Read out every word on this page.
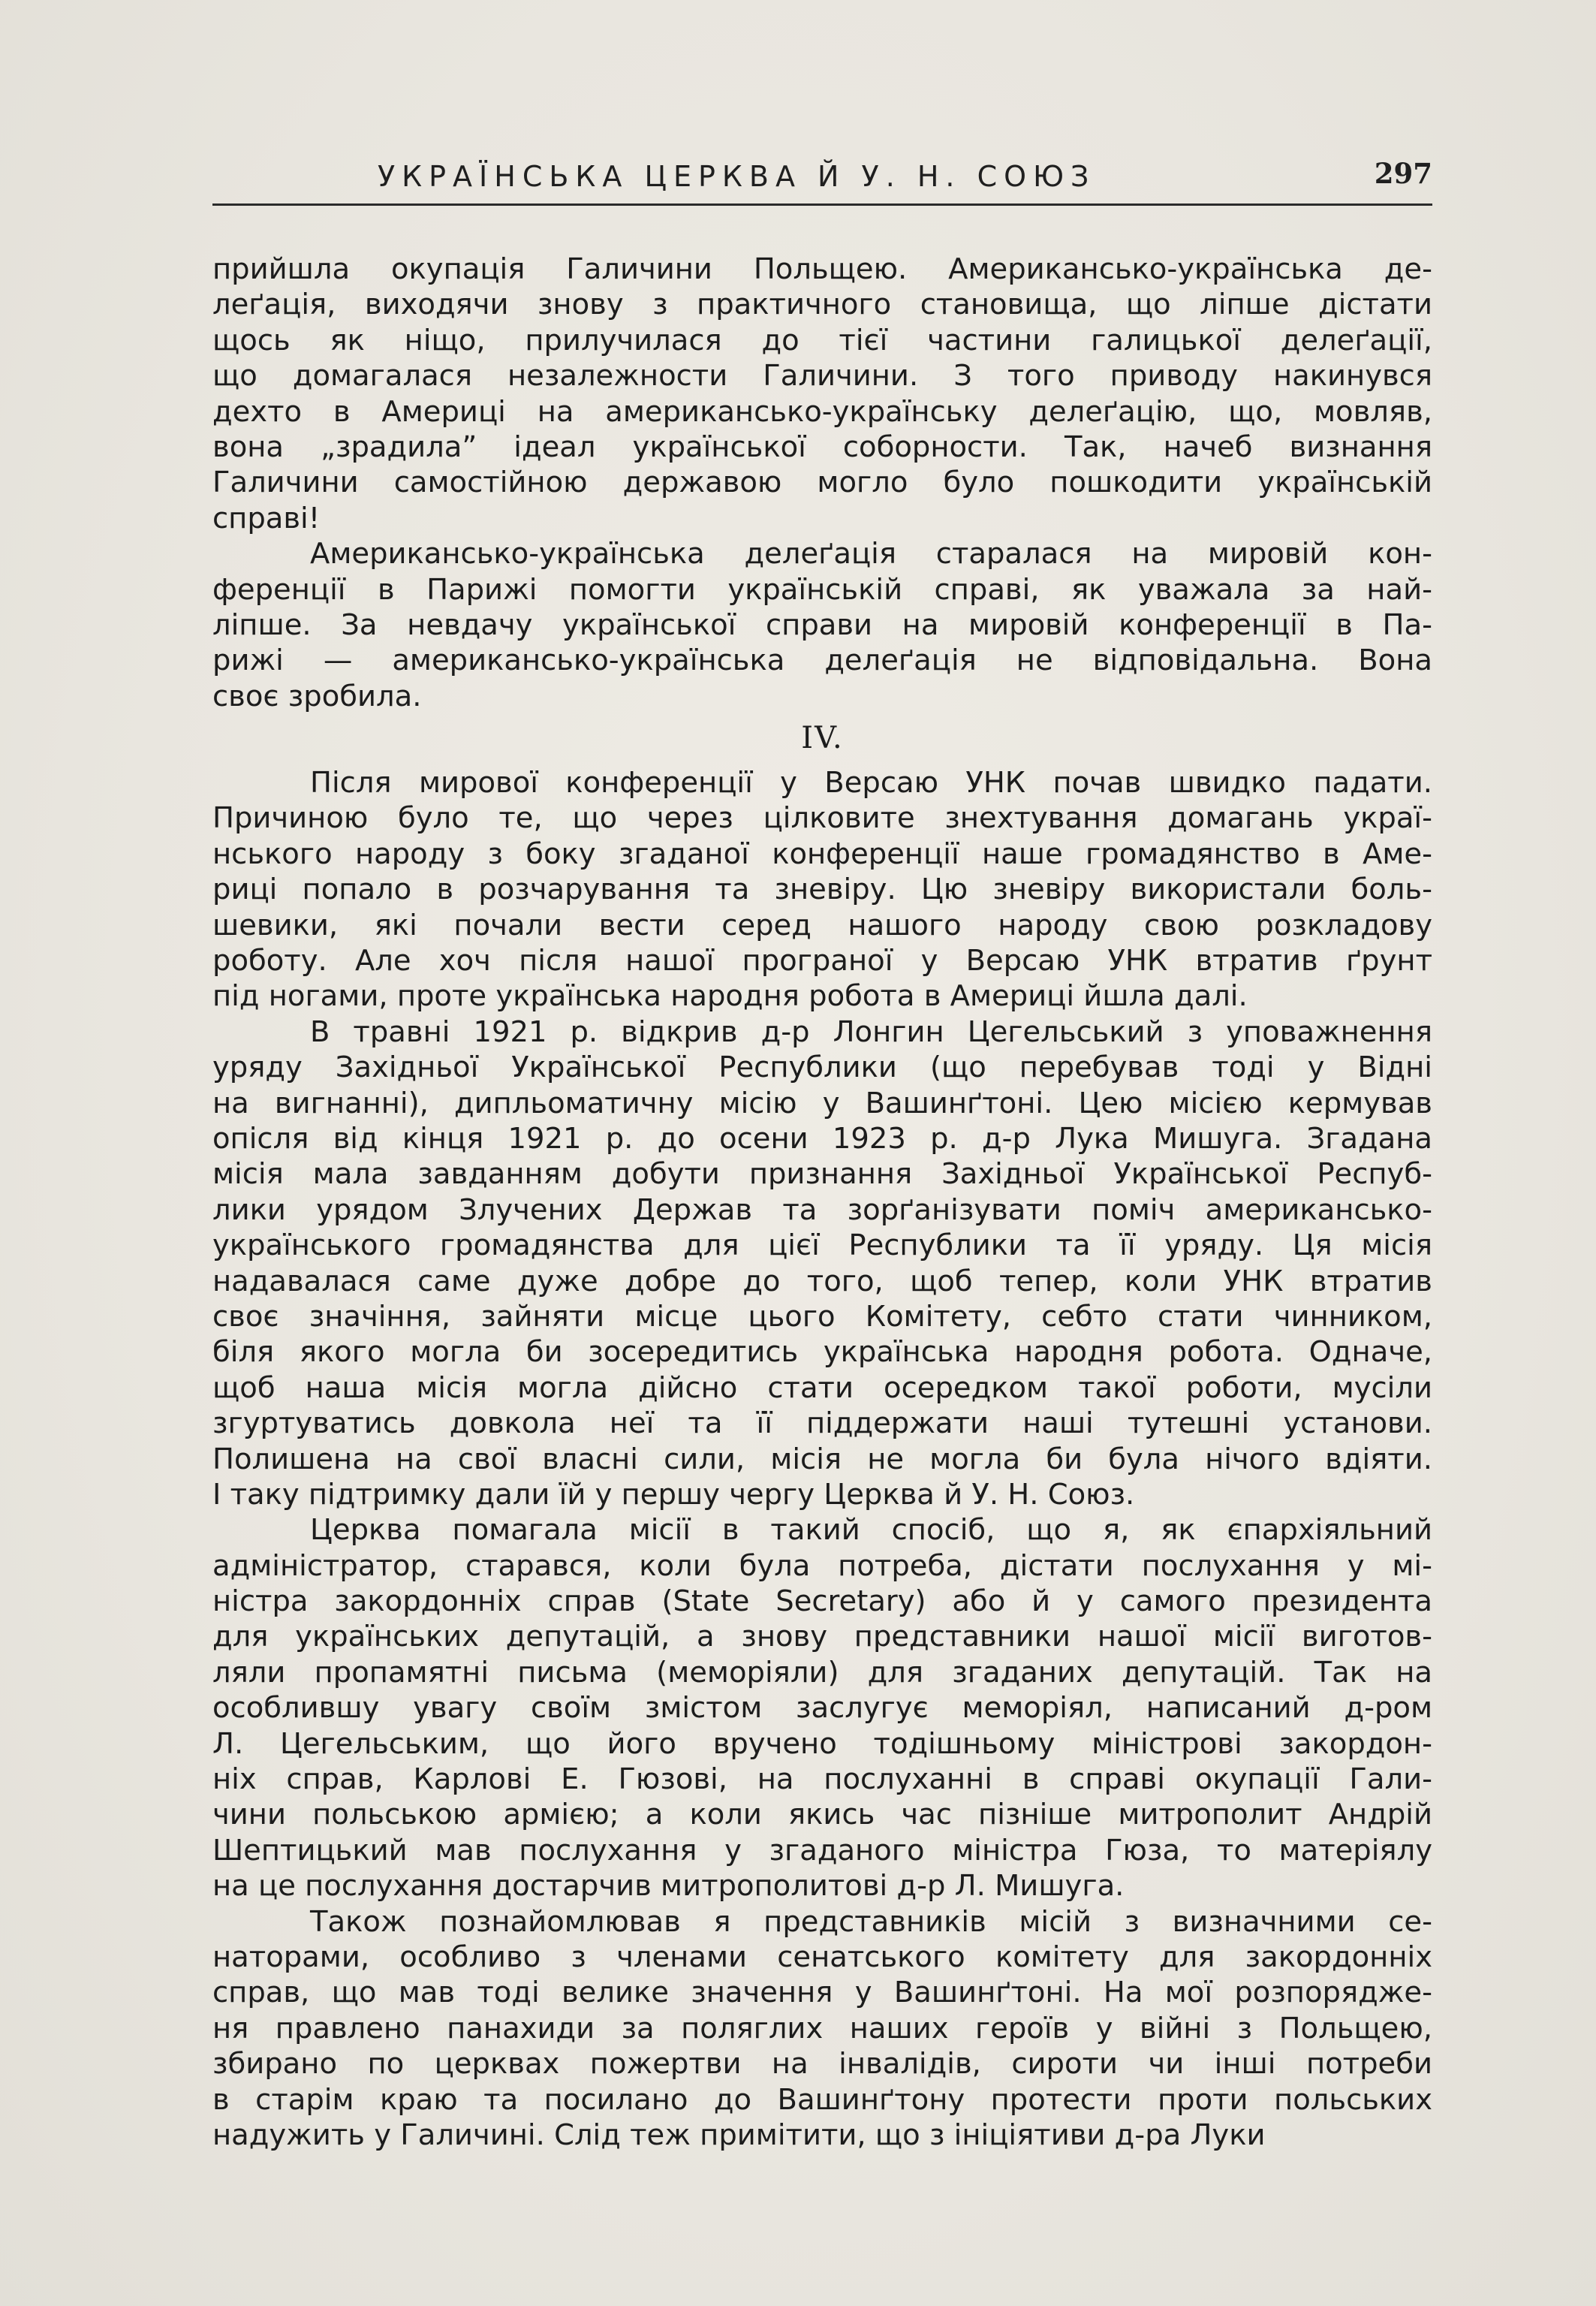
УКРАЇНСЬКА ЦЕРКВА Й У. Н. СОЮЗ	297
прийшла окупація Галичини Польщею. Американсько-українська де-
леґація, виходячи знову з практичного становища, що ліпше дістати
щось як ніщо, прилучилася до тієї частини галицької делеґації,
що домагалася незалежности Галичини. З того приводу накинувся
дехто в Америці на американсько-українську делеґацію, що, мовляв,
вона „зрадила” ідеал української соборности. Так, начеб визнання
Галичини самостійною державою могло було пошкодити українській
справі!
Американсько-українська делеґація старалася на мировій кон-
ференції в Парижі помогти українській справі, як уважала за най-
ліпше. За невдачу української справи на мировій конференції в Па-
рижі — американсько-українська делеґація не відповідальна. Вона
своє зробила.
IV.
Після мирової конференції у Версаю УНК почав швидко падати.
Причиною було те, що через цілковите знехтування домагань украї-
нського народу з боку згаданої конференції наше громадянство в Аме-
риці попало в розчарування та зневіру. Цю зневіру використали боль-
шевики, які почали вести серед нашого народу свою розкладову
роботу. Але хоч після нашої програної у Версаю УНК втратив ґрунт
під ногами, проте українська народня робота в Америці йшла далі.
В травні 1921 р. відкрив д-р Лонгин Цегельський з уповажнення
уряду Західньої Української Республики (що перебував тоді у Відні
на вигнанні), дипльоматичну місію у Вашинґтоні. Цею місією кермував
опісля від кінця 1921 р. до осени 1923 р. д-р Лука Мишуга. Згадана
місія мала завданням добути признання Західньої Української Респуб-
лики урядом Злучених Держав та зорґанізувати поміч американсько-
українського громадянства для цієї Республики та її уряду. Ця місія
надавалася саме дуже добре до того, щоб тепер, коли УНК втратив
своє значіння, зайняти місце цього Комітету, себто стати чинником,
біля якого могла би зосередитись українська народня робота. Одначе,
щоб наша місія могла дійсно стати осередком такої роботи, мусіли
згуртуватись довкола неї та її піддержати наші тутешні установи.
Полишена на свої власні сили, місія не могла би була нічого вдіяти.
І таку підтримку дали їй у першу чергу Церква й У. Н. Союз.
Церква помагала місії в такий спосіб, що я, як єпархіяльний
адміністратор, старався, коли була потреба, дістати послухання у мі-
ністра закордонніх справ (State Secretary) або й у самого президента
для українських депутацій, а знову представники нашої місії виготов-
ляли пропамятні письма (меморіяли) для згаданих депутацій. Так на
особлившу увагу своїм змістом заслугує меморіял, написаний д-ром
Л. Цегельським, що його вручено тодішньому міністрові закордон-
ніх справ, Карлові Е. Гюзові, на послуханні в справі окупації Гали-
чини польською армією; а коли якись час пізніше митрополит Андрій
Шептицький мав послухання у згаданого міністра Гюза, то матеріялу
на це послухання достарчив митрополитові д-р Л. Мишуга.
Також познайомлював я представників місій з визначними се-
наторами, особливо з членами сенатського комітету для закордонніх
справ, що мав тоді велике значення у Вашинґтоні. На мої розпорядже-
ня правлено панахиди за поляглих наших героїв у війні з Польщею,
збирано по церквах пожертви на інвалідів, сироти чи інші потреби
в старім краю та посилано до Вашинґтону протести проти польських
надужить у Галичині. Слід теж примітити, що з ініціятиви д-ра Луки
